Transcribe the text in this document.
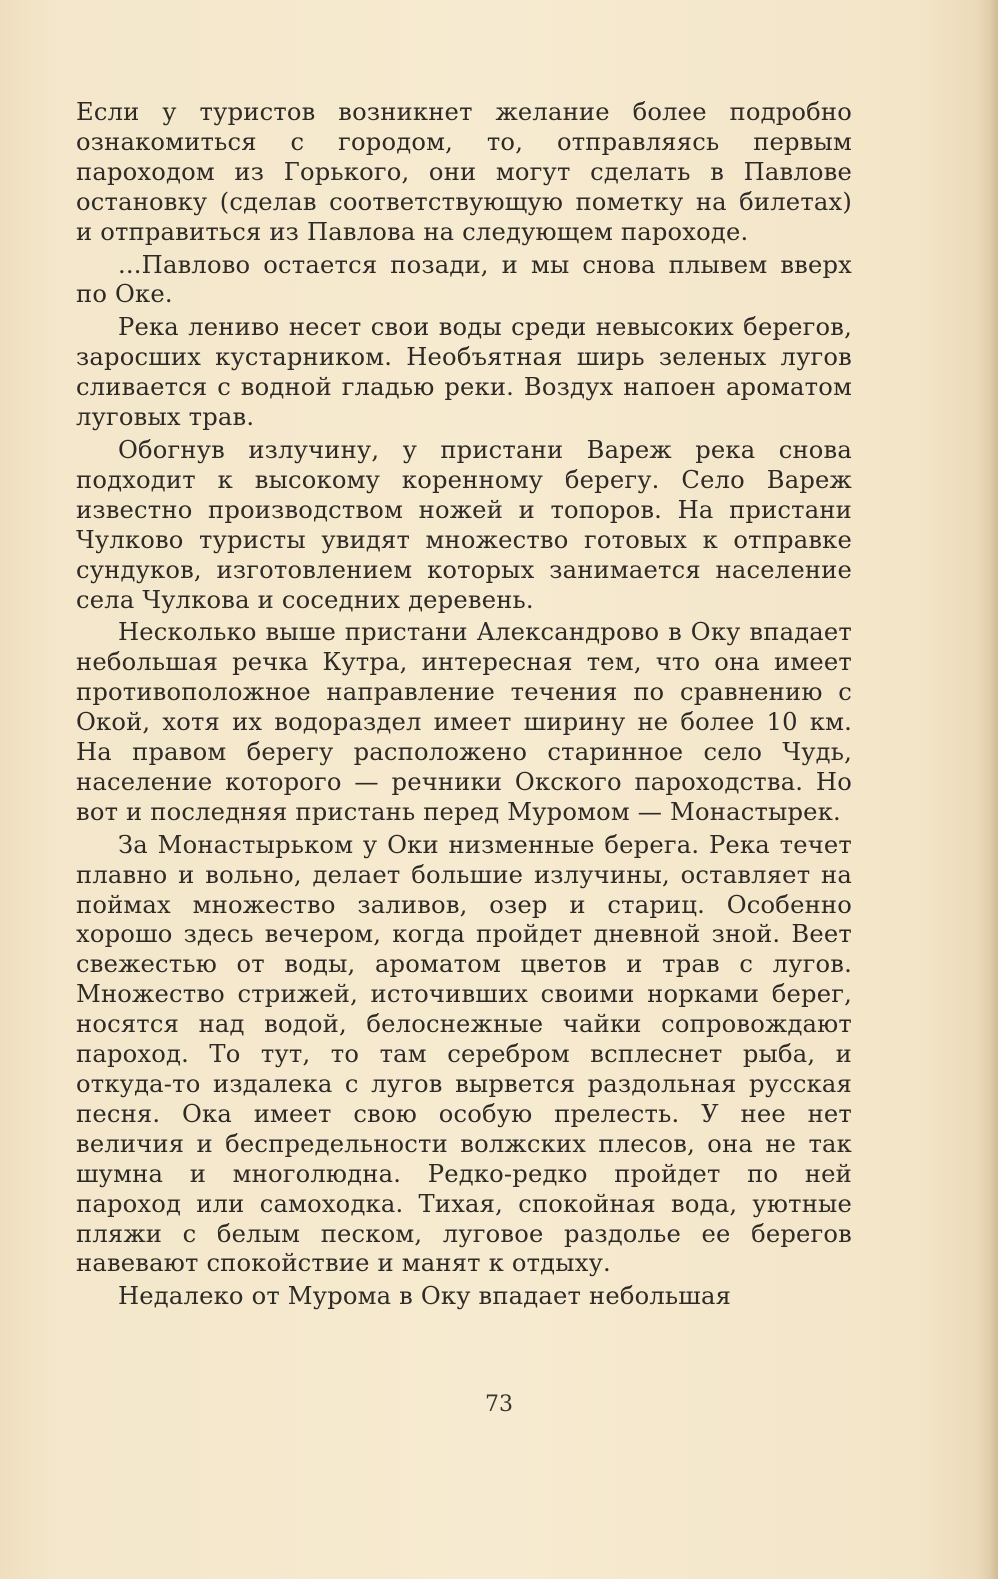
Если у туристов возникнет желание более подробно ознакомиться с городом, то, отправляясь первым пароходом из Горького, они могут сделать в Павлове остановку (сделав соответствующую пометку на билетах) и отправиться из Павлова на следующем пароходе.

...Павлово остается позади, и мы снова плывем вверх по Оке.

Река лениво несет свои воды среди невысоких берегов, заросших кустарником. Необъятная ширь зеленых лугов сливается с водной гладью реки. Воздух напоен ароматом луговых трав.

Обогнув излучину, у пристани Вареж река снова подходит к высокому коренному берегу. Село Вареж известно производством ножей и топоров. На пристани Чулково туристы увидят множество готовых к отправке сундуков, изготовлением которых занимается население села Чулкова и соседних деревень.

Несколько выше пристани Александрово в Оку впадает небольшая речка Кутра, интересная тем, что она имеет противоположное направление течения по сравнению с Окой, хотя их водораздел имеет ширину не более 10 км. На правом берегу расположено старинное село Чудь, население которого — речники Окского пароходства. Но вот и последняя пристань перед Муромом — Монастырек.

За Монастырьком у Оки низменные берега. Река течет плавно и вольно, делает большие излучины, оставляет на поймах множество заливов, озер и стариц. Особенно хорошо здесь вечером, когда пройдет дневной зной. Веет свежестью от воды, ароматом цветов и трав с лугов. Множество стрижей, источивших своими норками берег, носятся над водой, белоснежные чайки сопровождают пароход. То тут, то там серебром всплеснет рыба, и откуда-то издалека с лугов вырвется раздольная русская песня. Ока имеет свою особую прелесть. У нее нет величия и беспредельности волжских плесов, она не так шумна и многолюдна. Редко-редко пройдет по ней пароход или самоходка. Тихая, спокойная вода, уютные пляжи с белым песком, луговое раздолье ее берегов навевают спокойствие и манят к отдыху.

Недалеко от Мурома в Оку впадает небольшая

73
